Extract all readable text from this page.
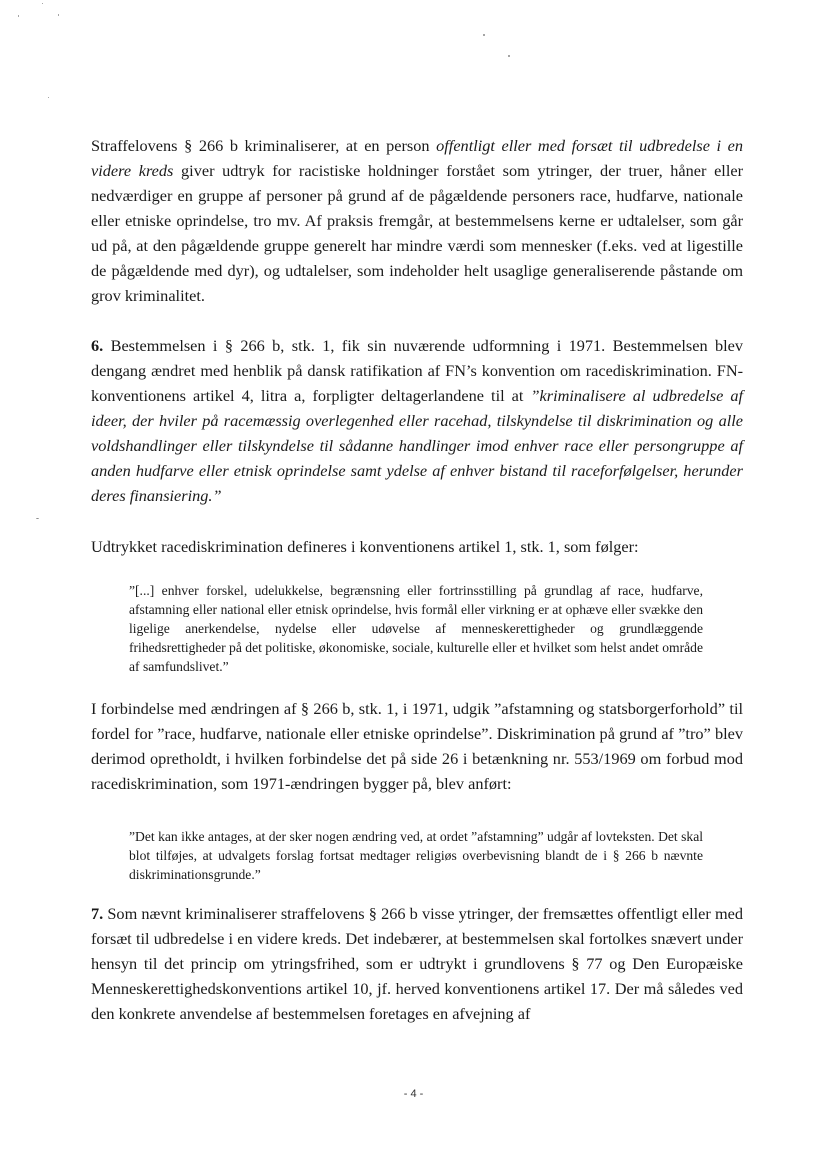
Straffelovens § 266 b kriminaliserer, at en person offentligt eller med forsæt til udbredelse i en videre kreds giver udtryk for racistiske holdninger forstået som ytringer, der truer, håner eller nedværdiger en gruppe af personer på grund af de pågældende personers race, hudfarve, nationale eller etniske oprindelse, tro mv. Af praksis fremgår, at bestemmelsens kerne er udtalelser, som går ud på, at den pågældende gruppe generelt har mindre værdi som mennesker (f.eks. ved at ligestille de pågældende med dyr), og udtalelser, som indeholder helt usaglige generaliserende påstande om grov kriminalitet.

6. Bestemmelsen i § 266 b, stk. 1, fik sin nuværende udformning i 1971. Bestemmelsen blev dengang ændret med henblik på dansk ratifikation af FN’s konvention om racediskrimination. FN-konventionens artikel 4, litra a, forpligter deltagerlandene til at ”kriminalisere al udbredelse af ideer, der hviler på racemæssig overlegenhed eller racehad, tilskyndelse til diskrimination og alle voldshandlinger eller tilskyndelse til sådanne handlinger imod enhver race eller persongruppe af anden hudfarve eller etnisk oprindelse samt ydelse af enhver bistand til raceforfølgelser, herunder deres finansiering.”

Udtrykket racediskrimination defineres i konventionens artikel 1, stk. 1, som følger:

”[...] enhver forskel, udelukkelse, begrænsning eller fortrinsstilling på grundlag af race, hudfarve, afstamning eller national eller etnisk oprindelse, hvis formål eller virkning er at ophæve eller svække den ligelige anerkendelse, nydelse eller udøvelse af menneskerettigheder og grundlæggende frihedsrettigheder på det politiske, økonomiske, sociale, kulturelle eller et hvilket som helst andet område af samfundslivet.”

I forbindelse med ændringen af § 266 b, stk. 1, i 1971, udgik ”afstamning og statsborgerforhold” til fordel for ”race, hudfarve, nationale eller etniske oprindelse”. Diskrimination på grund af ”tro” blev derimod opretholdt, i hvilken forbindelse det på side 26 i betænkning nr. 553/1969 om forbud mod racediskrimination, som 1971-ændringen bygger på, blev anført:

”Det kan ikke antages, at der sker nogen ændring ved, at ordet ”afstamning” udgår af lovteksten. Det skal blot tilføjes, at udvalgets forslag fortsat medtager religiøs overbevisning blandt de i § 266 b nævnte diskriminationsgrunde.”

7. Som nævnt kriminaliserer straffelovens § 266 b visse ytringer, der fremsættes offentligt eller med forsæt til udbredelse i en videre kreds. Det indebærer, at bestemmelsen skal fortolkes snævert under hensyn til det princip om ytringsfrihed, som er udtrykt i grundlovens § 77 og Den Europæiske Menneskerettighedskonventions artikel 10, jf. herved konventionens artikel 17. Der må således ved den konkrete anvendelse af bestemmelsen foretages en afvejning af

- 4 -
